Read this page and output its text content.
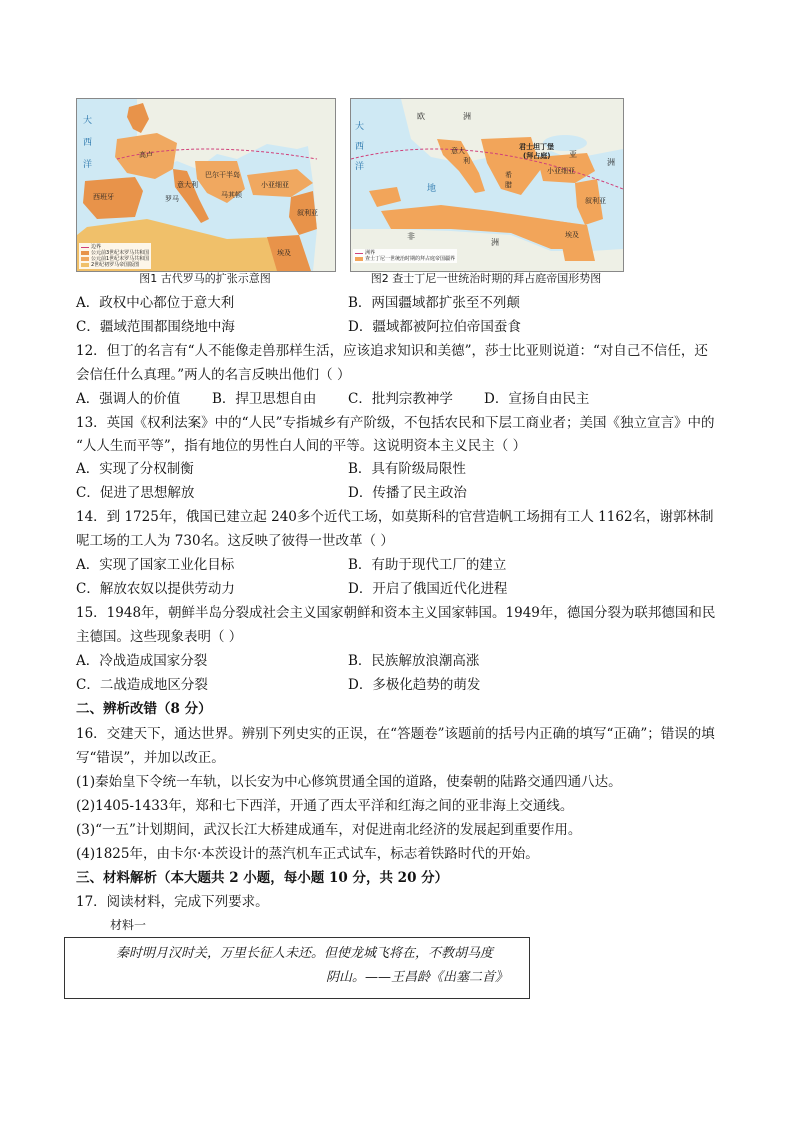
大
西
洋
高卢
西班牙	罗马
意大利
巴尔干半岛
马其顿
小亚细亚
叙利亚
埃及
边界
公元前3世纪末罗马共和国
公元前1世纪末罗马共和国
2世纪初罗马帝国版图
图1 古代罗马的扩张示意图
欧	洲
亚
洲
非
洲
大
西
洋
地
君士坦丁堡
(拜占庭)
意大
利
希
腊
小亚细亚
叙利亚
埃及
洲界
查士丁尼一世统治时期的拜占庭帝国疆界
图2 查士丁尼一世统治时期的拜占庭帝国形势图
A．政权中心都位于意大利	B．两国疆域都扩张至不列颠
C．疆域范围都围绕地中海	D．疆域都被阿拉伯帝国蚕食
12．但丁的名言有“人不能像走兽那样生活，应该追求知识和美德”，莎士比亚则说道：“对自己不信任，还
会信任什么真理。”两人的名言反映出他们（ ）
A．强调人的价值 B．捍卫思想自由 C．批判宗教神学 D．宣扬自由民主
13．英国《权利法案》中的“人民”专指城乡有产阶级，不包括农民和下层工商业者；美国《独立宣言》中的
“人人生而平等”，指有地位的男性白人间的平等。这说明资本主义民主（ ）
A．实现了分权制衡	B．具有阶级局限性
C．促进了思想解放	D．传播了民主政治
14．到 1725年，俄国已建立起 240多个近代工场，如莫斯科的官营造帆工场拥有工人 1162名，谢郭林制
呢工场的工人为 730名。这反映了彼得一世改革（ ）
A．实现了国家工业化目标	B．有助于现代工厂的建立
C．解放农奴以提供劳动力	D．开启了俄国近代化进程
15．1948年，朝鲜半岛分裂成社会主义国家朝鲜和资本主义国家韩国。1949年，德国分裂为联邦德国和民
主德国。这些现象表明（ ）
A．冷战造成国家分裂	B．民族解放浪潮高涨
C．二战造成地区分裂	D．多极化趋势的萌发
二、辨析改错（8 分）
16．交建天下，通达世界。辨别下列史实的正误，在“答题卷”该题前的括号内正确的填写“正确”；错误的填
写“错误”，并加以改正。
(1)秦始皇下令统一车轨，以长安为中心修筑贯通全国的道路，使秦朝的陆路交通四通八达。
(2)1405-1433年，郑和七下西洋，开通了西太平洋和红海之间的亚非海上交通线。
(3)“一五”计划期间，武汉长江大桥建成通车，对促进南北经济的发展起到重要作用。
(4)1825年，由卡尔·本茨设计的蒸汽机车正式试车，标志着铁路时代的开始。
三、材料解析（本大题共 2 小题，每小题 10 分，共 20 分）
17．阅读材料，完成下列要求。
材料一
秦时明月汉时关，万里长征人未还。但使龙城飞将在，不教胡马度
阴山。——王昌龄《出塞二首》
